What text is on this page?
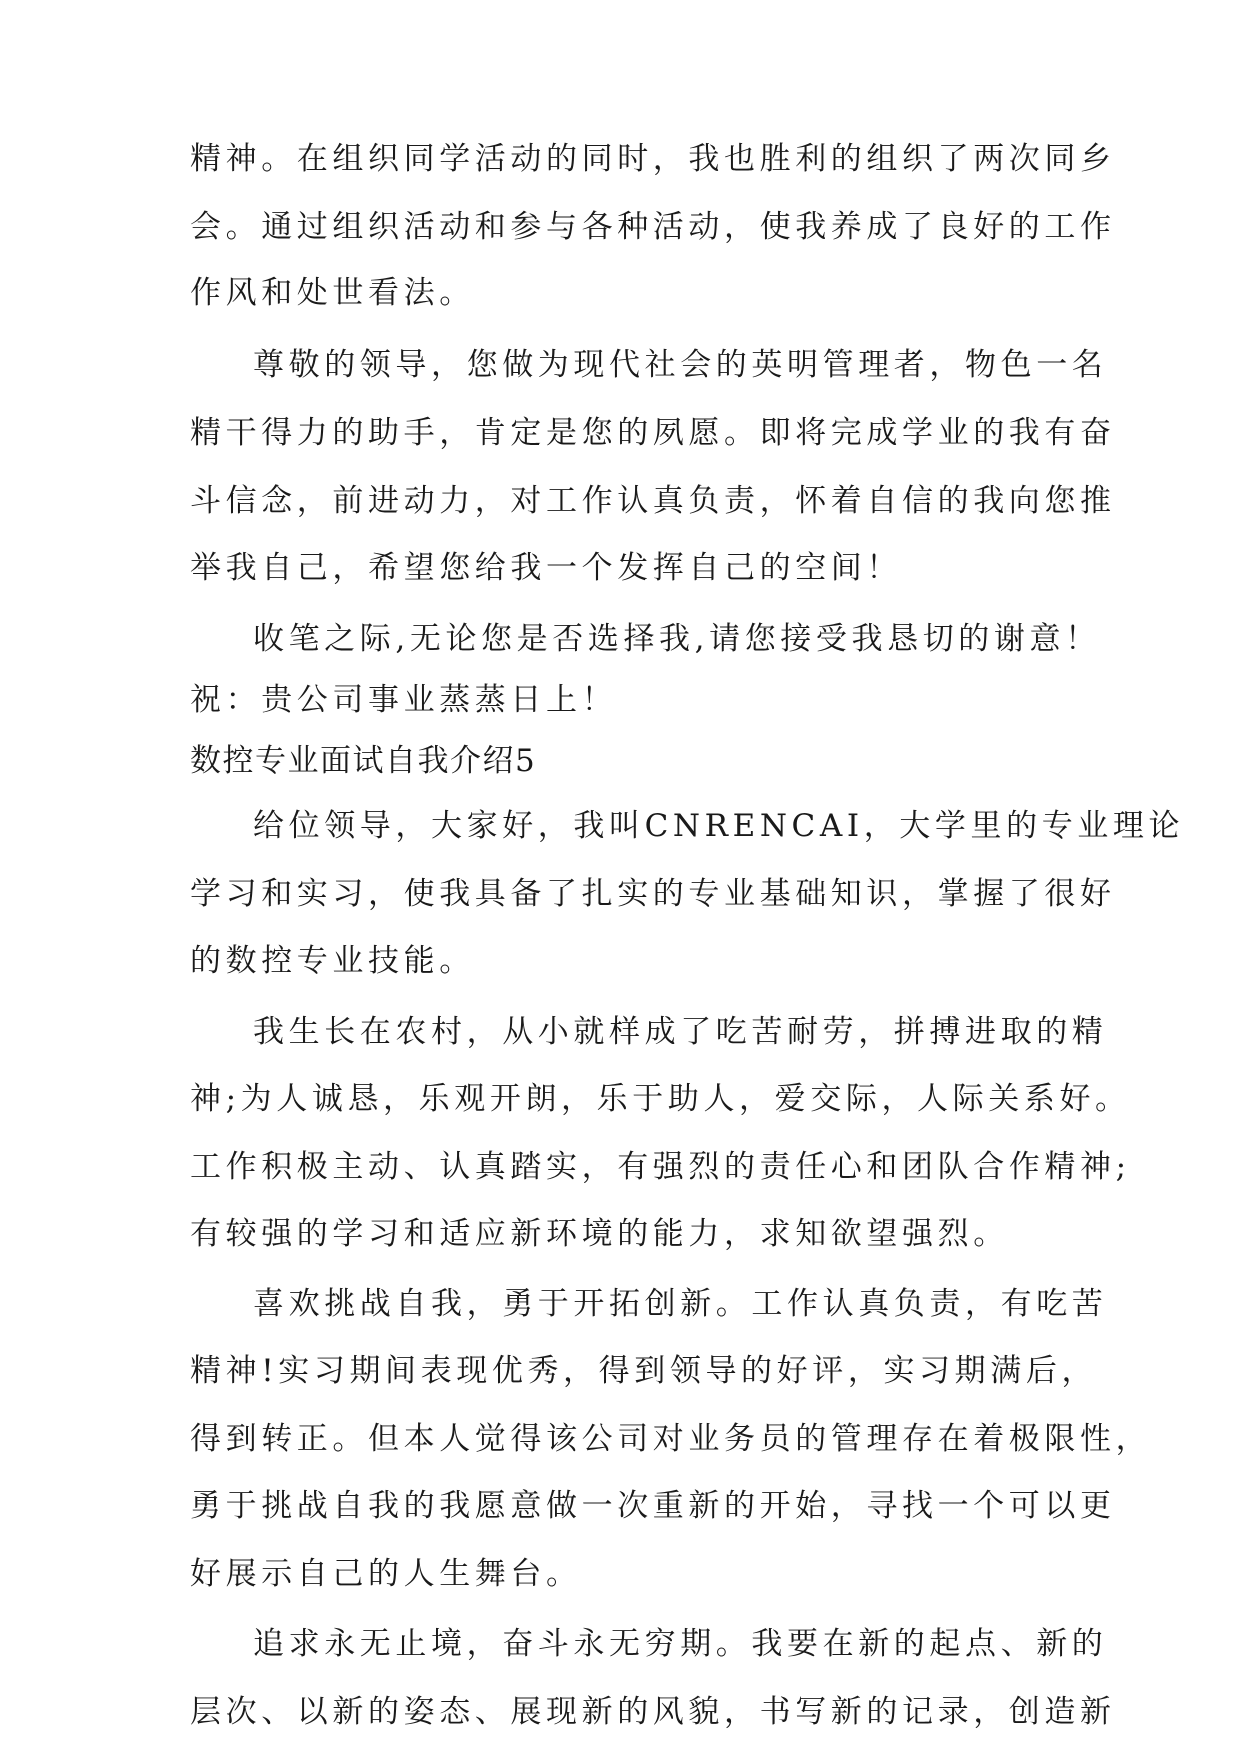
精神。在组织同学活动的同时，我也胜利的组织了两次同乡
会。通过组织活动和参与各种活动，使我养成了良好的工作
作风和处世看法。
尊敬的领导，您做为现代社会的英明管理者，物色一名
精干得力的助手，肯定是您的夙愿。即将完成学业的我有奋
斗信念，前进动力，对工作认真负责，怀着自信的我向您推
举我自己，希望您给我一个发挥自己的空间！
收笔之际,无论您是否选择我,请您接受我恳切的谢意！
祝：贵公司事业蒸蒸日上！
数控专业面试自我介绍5
给位领导，大家好，我叫CNRENCAI，大学里的专业理论
学习和实习，使我具备了扎实的专业基础知识，掌握了很好
的数控专业技能。
我生长在农村，从小就样成了吃苦耐劳，拼搏进取的精
神;为人诚恳，乐观开朗，乐于助人，爱交际，人际关系好。
工作积极主动、认真踏实，有强烈的责任心和团队合作精神;
有较强的学习和适应新环境的能力，求知欲望强烈。
喜欢挑战自我，勇于开拓创新。工作认真负责，有吃苦
精神!实习期间表现优秀，得到领导的好评，实习期满后，
得到转正。但本人觉得该公司对业务员的管理存在着极限性，
勇于挑战自我的我愿意做一次重新的开始，寻找一个可以更
好展示自己的人生舞台。
追求永无止境，奋斗永无穷期。我要在新的起点、新的
层次、以新的姿态、展现新的风貌，书写新的记录，创造新
